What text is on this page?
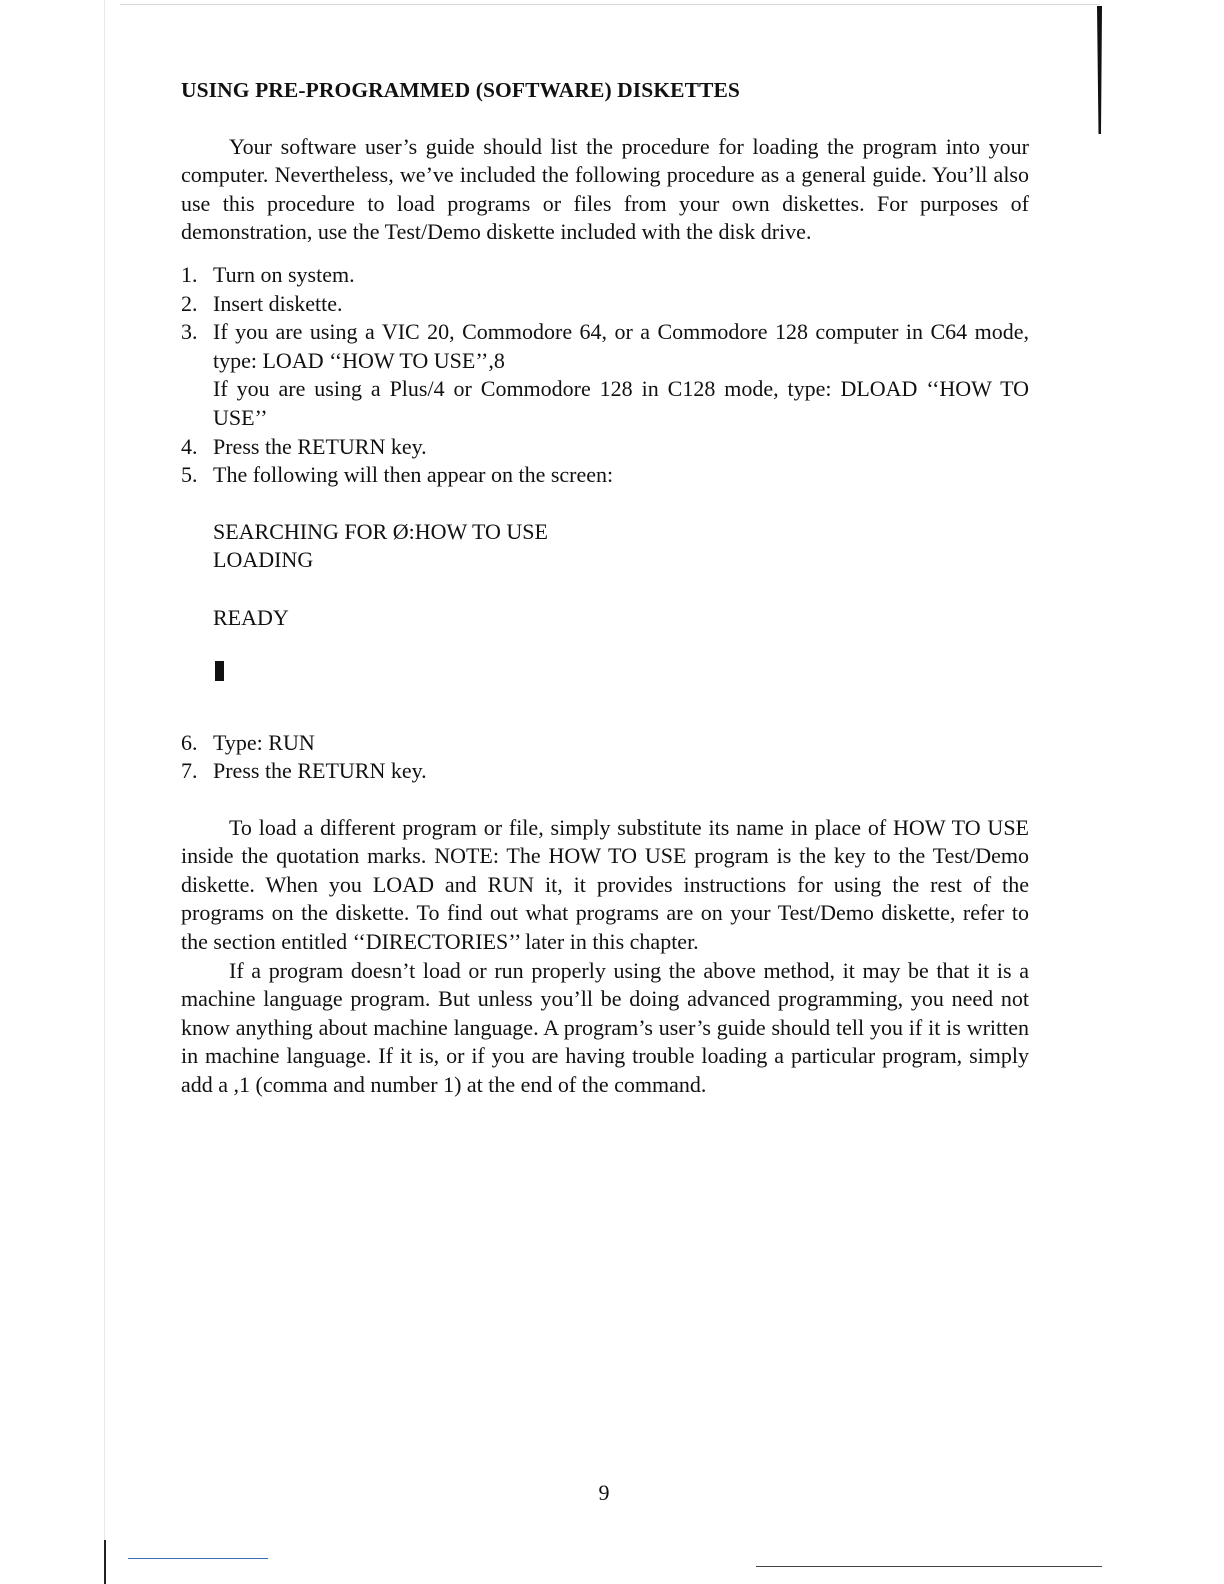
USING PRE-PROGRAMMED (SOFTWARE) DISKETTES

Your software user’s guide should list the procedure for loading the program into your computer. Nevertheless, we’ve included the following procedure as a general guide. You’ll also use this procedure to load programs or files from your own diskettes. For purposes of demonstration, use the Test/Demo diskette included with the disk drive.

1. Turn on system.
2. Insert diskette.
3. If you are using a VIC 20, Commodore 64, or a Commodore 128 computer in C64 mode, type: LOAD ‘‘HOW TO USE’’,8
If you are using a Plus/4 or Commodore 128 in C128 mode, type: DLOAD ‘‘HOW TO USE’’
4. Press the RETURN key.
5. The following will then appear on the screen:
SEARCHING FOR Ø:HOW TO USE
LOADING
READY
6. Type: RUN
7. Press the RETURN key.

To load a different program or file, simply substitute its name in place of HOW TO USE inside the quotation marks. NOTE: The HOW TO USE program is the key to the Test/Demo diskette. When you LOAD and RUN it, it provides instructions for using the rest of the programs on the diskette. To find out what programs are on your Test/Demo diskette, refer to the section entitled ‘‘DIRECTORIES’’ later in this chapter.

If a program doesn’t load or run properly using the above method, it may be that it is a machine language program. But unless you’ll be doing advanced programming, you need not know anything about machine language. A program’s user’s guide should tell you if it is written in machine language. If it is, or if you are having trouble loading a particular program, simply add a ,1 (comma and number 1) at the end of the command.

9
